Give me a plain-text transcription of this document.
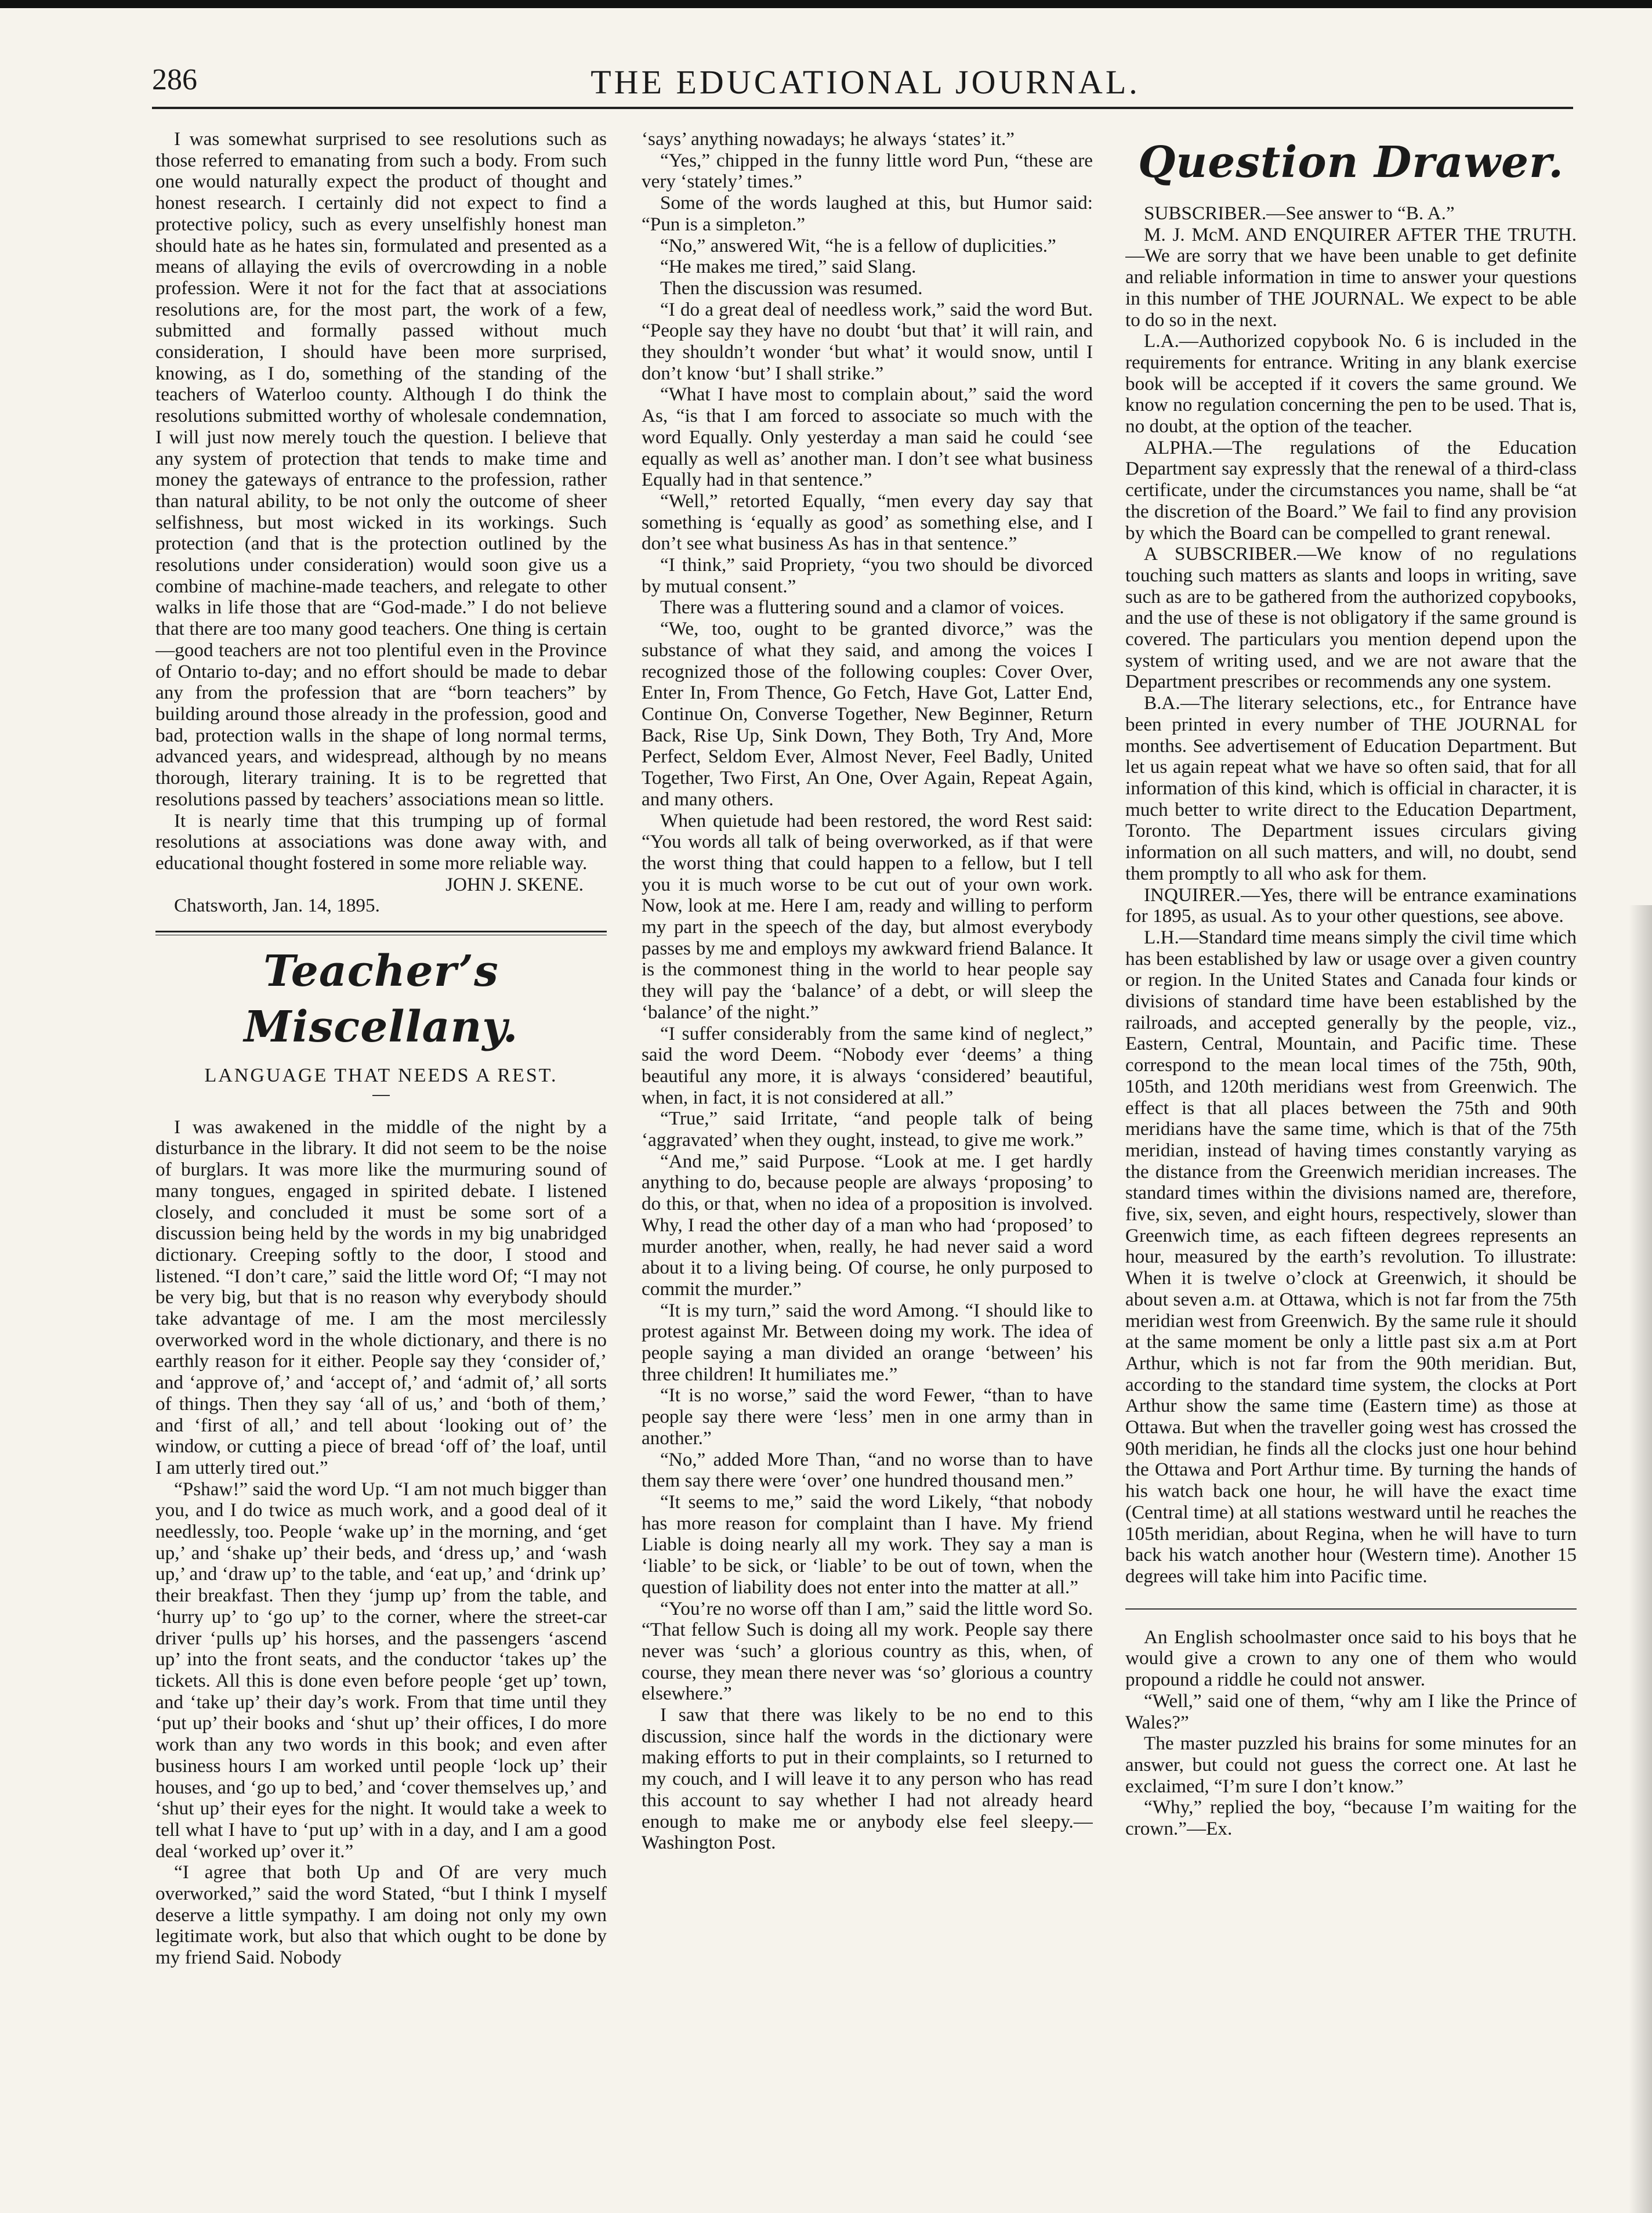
286	THE EDUCATIONAL JOURNAL.

I was somewhat surprised to see resolutions such as those referred to emanating from such a body. From such one would naturally expect the product of thought and honest research. I certainly did not expect to find a protective policy, such as every unselfishly honest man should hate as he hates sin, formulated and presented as a means of allaying the evils of overcrowding in a noble profession. Were it not for the fact that at associations resolutions are, for the most part, the work of a few, submitted and formally passed without much consideration, I should have been more surprised, knowing, as I do, something of the standing of the teachers of Waterloo county. Although I do think the resolutions submitted worthy of wholesale condemnation, I will just now merely touch the question. I believe that any system of protection that tends to make time and money the gateways of entrance to the profession, rather than natural ability, to be not only the outcome of sheer selfishness, but most wicked in its workings. Such protection (and that is the protection outlined by the resolutions under consideration) would soon give us a combine of machine-made teachers, and relegate to other walks in life those that are “God-made.” I do not believe that there are too many good teachers. One thing is certain—good teachers are not too plentiful even in the Province of Ontario to-day; and no effort should be made to debar any from the profession that are “born teachers” by building around those already in the profession, good and bad, protection walls in the shape of long normal terms, advanced years, and widespread, although by no means thorough, literary training. It is to be regretted that resolutions passed by teachers’ associations mean so little.

It is nearly time that this trumping up of formal resolutions at associations was done away with, and educational thought fostered in some more reliable way.

JOHN J. SKENE.

Chatsworth, Jan. 14, 1895.

Teacher’s Miscellany.

LANGUAGE THAT NEEDS A REST.

I was awakened in the middle of the night by a disturbance in the library. It did not seem to be the noise of burglars. It was more like the murmuring sound of many tongues, engaged in spirited debate. I listened closely, and concluded it must be some sort of a discussion being held by the words in my big unabridged dictionary. Creeping softly to the door, I stood and listened. “I don’t care,” said the little word Of; “I may not be very big, but that is no reason why everybody should take advantage of me. I am the most mercilessly overworked word in the whole dictionary, and there is no earthly reason for it either. People say they ‘consider of,’ and ‘approve of,’ and ‘accept of,’ and ‘admit of,’ all sorts of things. Then they say ‘all of us,’ and ‘both of them,’ and ‘first of all,’ and tell about ‘looking out of’ the window, or cutting a piece of bread ‘off of’ the loaf, until I am utterly tired out.”

“Pshaw!” said the word Up. “I am not much bigger than you, and I do twice as much work, and a good deal of it needlessly, too. People ‘wake up’ in the morning, and ‘get up,’ and ‘shake up’ their beds, and ‘dress up,’ and ‘wash up,’ and ‘draw up’ to the table, and ‘eat up,’ and ‘drink up’ their breakfast. Then they ‘jump up’ from the table, and ‘hurry up’ to ‘go up’ to the corner, where the street-car driver ‘pulls up’ his horses, and the passengers ‘ascend up’ into the front seats, and the conductor ‘takes up’ the tickets. All this is done even before people ‘get up’ town, and ‘take up’ their day’s work. From that time until they ‘put up’ their books and ‘shut up’ their offices, I do more work than any two words in this book; and even after business hours I am worked until people ‘lock up’ their houses, and ‘go up to bed,’ and ‘cover themselves up,’ and ‘shut up’ their eyes for the night. It would take a week to tell what I have to ‘put up’ with in a day, and I am a good deal ‘worked up’ over it.”

“I agree that both Up and Of are very much overworked,” said the word Stated, “but I think I myself deserve a little sympathy. I am doing not only my own legitimate work, but also that which ought to be done by my friend Said. Nobody

‘says’ anything nowadays; he always ‘states’ it.”

“Yes,” chipped in the funny little word Pun, “these are very ‘stately’ times.”

Some of the words laughed at this, but Humor said: “Pun is a simpleton.”

“No,” answered Wit, “he is a fellow of duplicities.”

“He makes me tired,” said Slang.

Then the discussion was resumed.

“I do a great deal of needless work,” said the word But. “People say they have no doubt ‘but that’ it will rain, and they shouldn’t wonder ‘but what’ it would snow, until I don’t know ‘but’ I shall strike.”

“What I have most to complain about,” said the word As, “is that I am forced to associate so much with the word Equally. Only yesterday a man said he could ‘see equally as well as’ another man. I don’t see what business Equally had in that sentence.”

“Well,” retorted Equally, “men every day say that something is ‘equally as good’ as something else, and I don’t see what business As has in that sentence.”

“I think,” said Propriety, “you two should be divorced by mutual consent.”

There was a fluttering sound and a clamor of voices.

“We, too, ought to be granted divorce,” was the substance of what they said, and among the voices I recognized those of the following couples: Cover Over, Enter In, From Thence, Go Fetch, Have Got, Latter End, Continue On, Converse Together, New Beginner, Return Back, Rise Up, Sink Down, They Both, Try And, More Perfect, Seldom Ever, Almost Never, Feel Badly, United Together, Two First, An One, Over Again, Repeat Again, and many others.

When quietude had been restored, the word Rest said: “You words all talk of being overworked, as if that were the worst thing that could happen to a fellow, but I tell you it is much worse to be cut out of your own work. Now, look at me. Here I am, ready and willing to perform my part in the speech of the day, but almost everybody passes by me and employs my awkward friend Balance. It is the commonest thing in the world to hear people say they will pay the ‘balance’ of a debt, or will sleep the ‘balance’ of the night.”

“I suffer considerably from the same kind of neglect,” said the word Deem. “Nobody ever ‘deems’ a thing beautiful any more, it is always ‘considered’ beautiful, when, in fact, it is not considered at all.”

“True,” said Irritate, “and people talk of being ‘aggravated’ when they ought, instead, to give me work.”

“And me,” said Purpose. “Look at me. I get hardly anything to do, because people are always ‘proposing’ to do this, or that, when no idea of a proposition is involved. Why, I read the other day of a man who had ‘proposed’ to murder another, when, really, he had never said a word about it to a living being. Of course, he only purposed to commit the murder.”

“It is my turn,” said the word Among. “I should like to protest against Mr. Between doing my work. The idea of people saying a man divided an orange ‘between’ his three children! It humiliates me.”

“It is no worse,” said the word Fewer, “than to have people say there were ‘less’ men in one army than in another.”

“No,” added More Than, “and no worse than to have them say there were ‘over’ one hundred thousand men.”

“It seems to me,” said the word Likely, “that nobody has more reason for complaint than I have. My friend Liable is doing nearly all my work. They say a man is ‘liable’ to be sick, or ‘liable’ to be out of town, when the question of liability does not enter into the matter at all.”

“You’re no worse off than I am,” said the little word So. “That fellow Such is doing all my work. People say there never was ‘such’ a glorious country as this, when, of course, they mean there never was ‘so’ glorious a country elsewhere.”

I saw that there was likely to be no end to this discussion, since half the words in the dictionary were making efforts to put in their complaints, so I returned to my couch, and I will leave it to any person who has read this account to say whether I had not already heard enough to make me or anybody else feel sleepy.— Washington Post.

Question Drawer.

SUBSCRIBER.—See answer to “B. A.”

M. J. McM. AND ENQUIRER AFTER THE TRUTH.—We are sorry that we have been unable to get definite and reliable information in time to answer your questions in this number of THE JOURNAL. We expect to be able to do so in the next.

L.A.—Authorized copybook No. 6 is included in the requirements for entrance. Writing in any blank exercise book will be accepted if it covers the same ground. We know no regulation concerning the pen to be used. That is, no doubt, at the option of the teacher.

ALPHA.—The regulations of the Education Department say expressly that the renewal of a third-class certificate, under the circumstances you name, shall be “at the discretion of the Board.” We fail to find any provision by which the Board can be compelled to grant renewal.

A SUBSCRIBER.—We know of no regulations touching such matters as slants and loops in writing, save such as are to be gathered from the authorized copybooks, and the use of these is not obligatory if the same ground is covered. The particulars you mention depend upon the system of writing used, and we are not aware that the Department prescribes or recommends any one system.

B.A.—The literary selections, etc., for Entrance have been printed in every number of THE JOURNAL for months. See advertisement of Education Department. But let us again repeat what we have so often said, that for all information of this kind, which is official in character, it is much better to write direct to the Education Department, Toronto. The Department issues circulars giving information on all such matters, and will, no doubt, send them promptly to all who ask for them.

INQUIRER.—Yes, there will be entrance examinations for 1895, as usual. As to your other questions, see above.

L.H.—Standard time means simply the civil time which has been established by law or usage over a given country or region. In the United States and Canada four kinds or divisions of standard time have been established by the railroads, and accepted generally by the people, viz., Eastern, Central, Mountain, and Pacific time. These correspond to the mean local times of the 75th, 90th, 105th, and 120th meridians west from Greenwich. The effect is that all places between the 75th and 90th meridians have the same time, which is that of the 75th meridian, instead of having times constantly varying as the distance from the Greenwich meridian increases. The standard times within the divisions named are, therefore, five, six, seven, and eight hours, respectively, slower than Greenwich time, as each fifteen degrees represents an hour, measured by the earth’s revolution. To illustrate: When it is twelve o’clock at Greenwich, it should be about seven a.m. at Ottawa, which is not far from the 75th meridian west from Greenwich. By the same rule it should at the same moment be only a little past six a.m at Port Arthur, which is not far from the 90th meridian. But, according to the standard time system, the clocks at Port Arthur show the same time (Eastern time) as those at Ottawa. But when the traveller going west has crossed the 90th meridian, he finds all the clocks just one hour behind the Ottawa and Port Arthur time. By turning the hands of his watch back one hour, he will have the exact time (Central time) at all stations westward until he reaches the 105th meridian, about Regina, when he will have to turn back his watch another hour (Western time). Another 15 degrees will take him into Pacific time.

An English schoolmaster once said to his boys that he would give a crown to any one of them who would propound a riddle he could not answer.

“Well,” said one of them, “why am I like the Prince of Wales?”

The master puzzled his brains for some minutes for an answer, but could not guess the correct one. At last he exclaimed, “I’m sure I don’t know.”

“Why,” replied the boy, “because I’m waiting for the crown.”—Ex.
